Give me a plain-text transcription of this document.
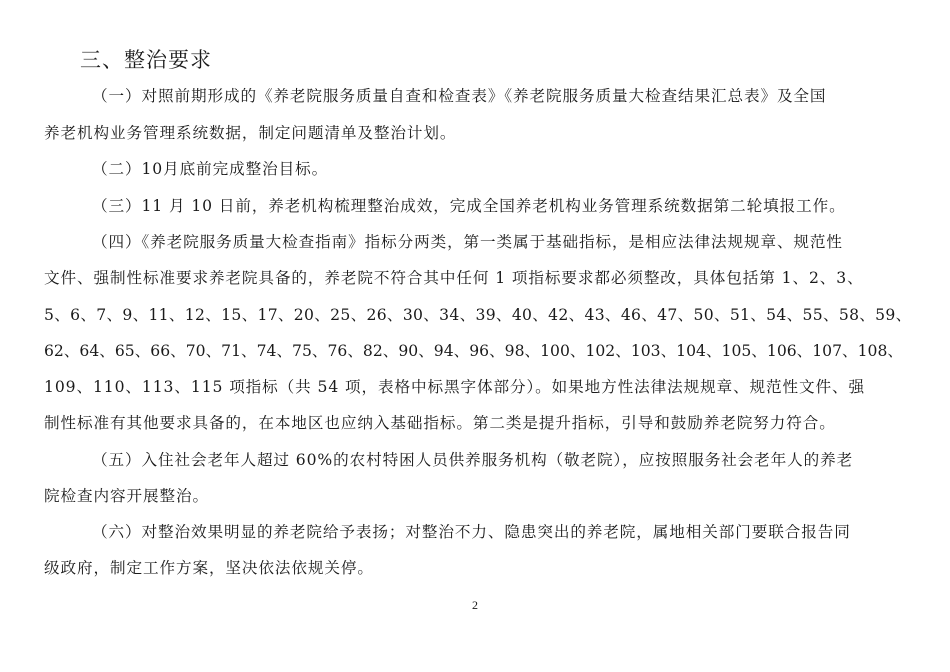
三、整治要求
（一）对照前期形成的《养老院服务质量自查和检查表》《养老院服务质量大检查结果汇总表》及全国
养老机构业务管理系统数据，制定问题清单及整治计划。
（二）10月底前完成整治目标。
（三）11 月 10 日前，养老机构梳理整治成效，完成全国养老机构业务管理系统数据第二轮填报工作。
（四）《养老院服务质量大检查指南》指标分两类，第一类属于基础指标，是相应法律法规规章、规范性
文件、强制性标准要求养老院具备的，养老院不符合其中任何 1 项指标要求都必须整改，具体包括第 1、2、3、
5、6、7、9、11、12、15、17、20、25、26、30、34、39、40、42、43、46、47、50、51、54、55、58、59、
62、64、65、66、70、71、74、75、76、82、90、94、96、98、100、102、103、104、105、106、107、108、
109、110、113、115 项指标（共 54 项，表格中标黑字体部分）。如果地方性法律法规规章、规范性文件、强
制性标准有其他要求具备的，在本地区也应纳入基础指标。第二类是提升指标，引导和鼓励养老院努力符合。
（五）入住社会老年人超过 60%的农村特困人员供养服务机构（敬老院），应按照服务社会老年人的养老
院检查内容开展整治。
（六）对整治效果明显的养老院给予表扬；对整治不力、隐患突出的养老院，属地相关部门要联合报告同
级政府，制定工作方案，坚决依法依规关停。
2
